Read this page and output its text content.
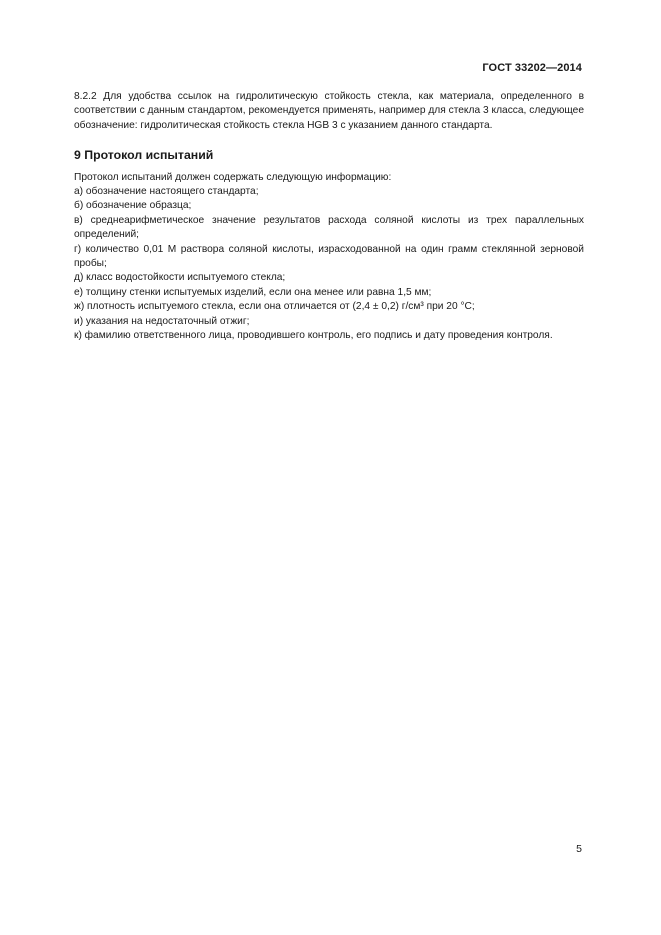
ГОСТ 33202—2014

8.2.2 Для удобства ссылок на гидролитическую стойкость стекла, как материала, определенного в соответствии с данным стандартом, рекомендуется применять, например для стекла 3 класса, следующее обозначение: гидролитическая стойкость стекла HGB 3 с указанием данного стандарта.

9 Протокол испытаний

Протокол испытаний должен содержать следующую информацию:

а) обозначение настоящего стандарта;

б) обозначение образца;

в) среднеарифметическое значение результатов расхода соляной кислоты из трех параллельных определений;

г) количество 0,01 М раствора соляной кислоты, израсходованной на один грамм стеклянной зерновой пробы;

д) класс водостойкости испытуемого стекла;

е) толщину стенки испытуемых изделий, если она менее или равна 1,5 мм;

ж) плотность испытуемого стекла, если она отличается от (2,4 ± 0,2) г/см³ при 20 °С;

и) указания на недостаточный отжиг;

к) фамилию ответственного лица, проводившего контроль, его подпись и дату проведения контроля.

5
